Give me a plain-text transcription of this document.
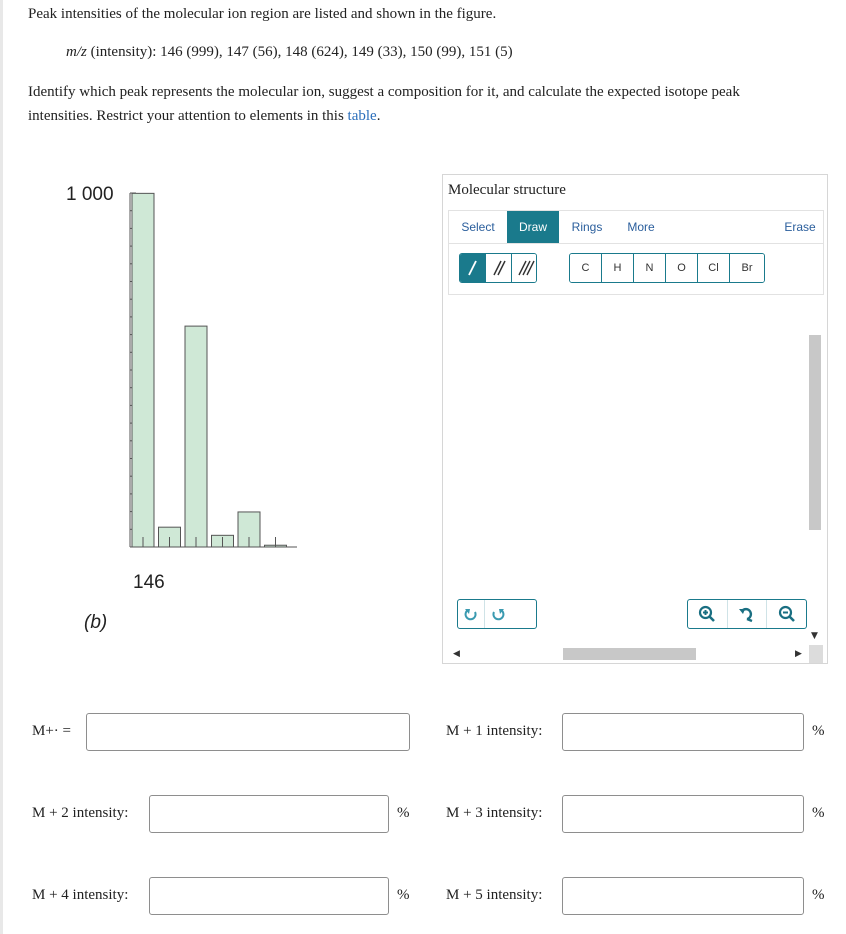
Peak intensities of the molecular ion region are listed and shown in the figure.
m/z (intensity): 146 (999), 147 (56), 148 (624), 149 (33), 150 (99), 151 (5)
Identify which peak represents the molecular ion, suggest a composition for it, and calculate the expected isotope peak
intensities. Restrict your attention to elements in this table.
1 000
146
(b)
Molecular structure
Select	Draw	Rings	More	Erase
C	H	N	O	Cl	Br
▼
◀	▶
M+· =	M + 1 intensity:	%
M + 2 intensity:	% M + 3 intensity:	%
M + 4 intensity:	% M + 5 intensity:	%
